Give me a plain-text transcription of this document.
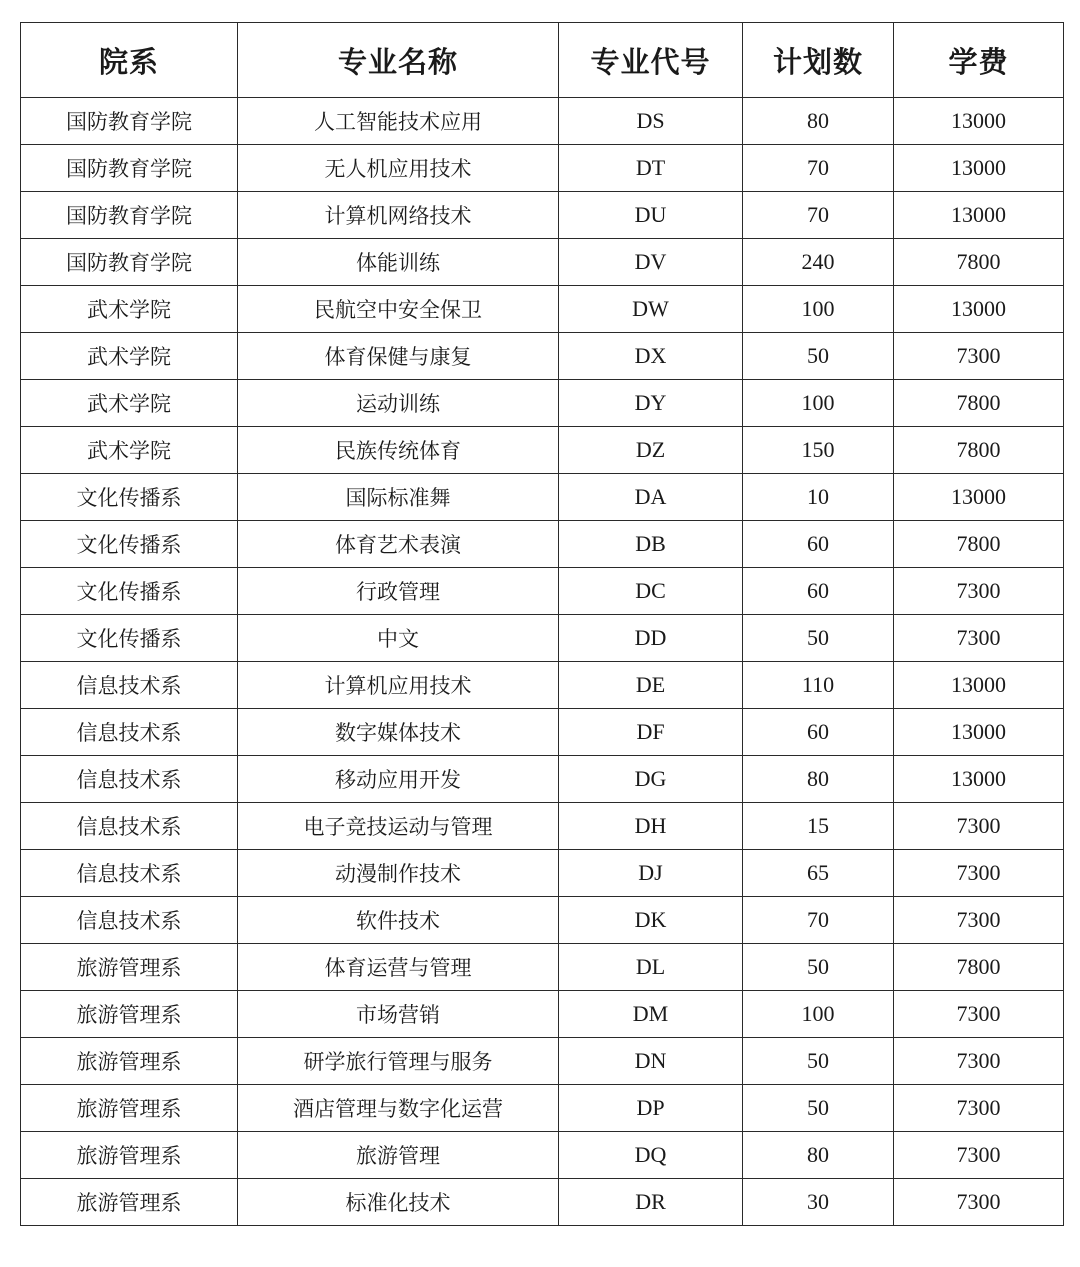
院系	专业名称	专业代号	计划数	学费
国防教育学院	人工智能技术应用	DS	80	13000
国防教育学院	无人机应用技术	DT	70	13000
国防教育学院	计算机网络技术	DU	70	13000
国防教育学院	体能训练	DV	240	7800
武术学院	民航空中安全保卫	DW	100	13000
武术学院	体育保健与康复	DX	50	7300
武术学院	运动训练	DY	100	7800
武术学院	民族传统体育	DZ	150	7800
文化传播系	国际标准舞	DA	10	13000
文化传播系	体育艺术表演	DB	60	7800
文化传播系	行政管理	DC	60	7300
文化传播系	中文	DD	50	7300
信息技术系	计算机应用技术	DE	110	13000
信息技术系	数字媒体技术	DF	60	13000
信息技术系	移动应用开发	DG	80	13000
信息技术系	电子竞技运动与管理	DH	15	7300
信息技术系	动漫制作技术	DJ	65	7300
信息技术系	软件技术	DK	70	7300
旅游管理系	体育运营与管理	DL	50	7800
旅游管理系	市场营销	DM	100	7300
旅游管理系	研学旅行管理与服务	DN	50	7300
旅游管理系	酒店管理与数字化运营	DP	50	7300
旅游管理系	旅游管理	DQ	80	7300
旅游管理系	标准化技术	DR	30	7300
